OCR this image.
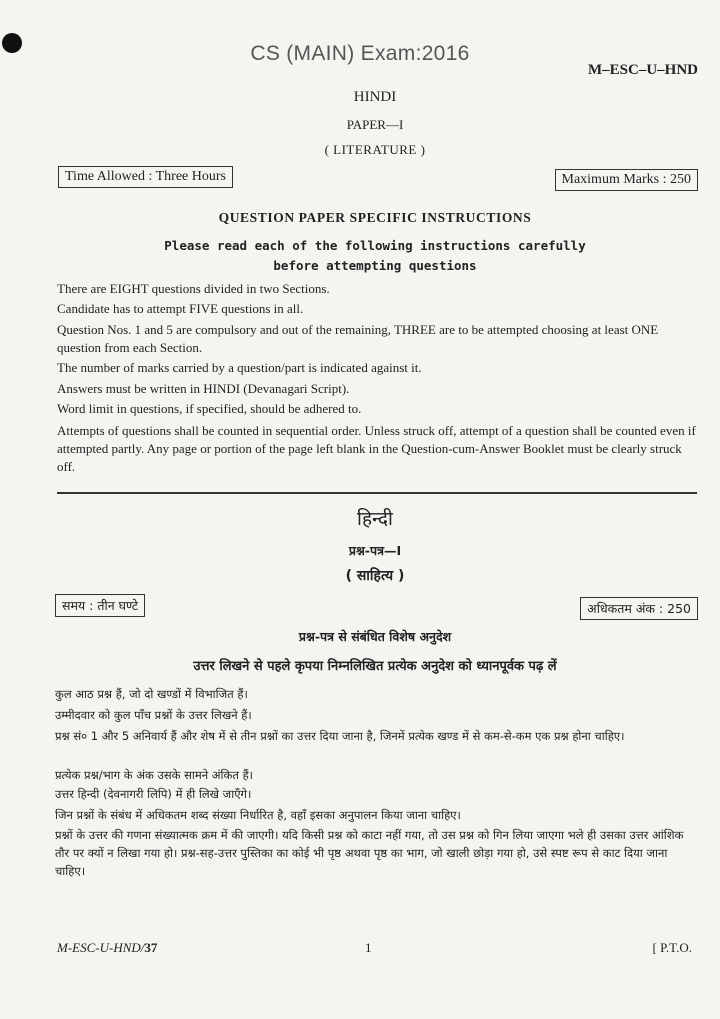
CS (MAIN) Exam:2016
M–ESC–U–HND
HINDI
PAPER—I
( LITERATURE )
Time Allowed : Three Hours	Maximum Marks : 250
QUESTION PAPER SPECIFIC INSTRUCTIONS
Please read each of the following instructions carefully
before attempting questions
There are EIGHT questions divided in two Sections.
Candidate has to attempt FIVE questions in all.
Question Nos. 1 and 5 are compulsory and out of the remaining, THREE are to be attempted choosing at least ONE question from each Section.
The number of marks carried by a question/part is indicated against it.
Answers must be written in HINDI (Devanagari Script).
Word limit in questions, if specified, should be adhered to.
Attempts of questions shall be counted in sequential order. Unless struck off, attempt of a question shall be counted even if attempted partly. Any page or portion of the page left blank in the Question-cum-Answer Booklet must be clearly struck off.
हिन्दी
प्रश्न-पत्र—I
( साहित्य )
समय : तीन घण्टे	अधिकतम अंक : 250
प्रश्न-पत्र से संबंधित विशेष अनुदेश
उत्तर लिखने से पहले कृपया निम्नलिखित प्रत्येक अनुदेश को ध्यानपूर्वक पढ़ लें
कुल आठ प्रश्न हैं, जो दो खण्डों में विभाजित हैं।
उम्मीदवार को कुल पाँच प्रश्नों के उत्तर लिखने हैं।
प्रश्न सं० 1 और 5 अनिवार्य हैं और शेष में से तीन प्रश्नों का उत्तर दिया जाना है, जिनमें प्रत्येक खण्ड में से कम-से-कम एक प्रश्न होना चाहिए।
प्रत्येक प्रश्न/भाग के अंक उसके सामने अंकित हैं।
उत्तर हिन्दी (देवनागरी लिपि) में ही लिखे जाएँगे।
जिन प्रश्नों के संबंध में अधिकतम शब्द संख्या निर्धारित है, वहाँ इसका अनुपालन किया जाना चाहिए।
प्रश्नों के उत्तर की गणना संख्यात्मक क्रम में की जाएगी। यदि किसी प्रश्न को काटा नहीं गया, तो उस प्रश्न को गिन लिया जाएगा भले ही उसका उत्तर आंशिक तौर पर क्यों न लिखा गया हो। प्रश्न-सह-उत्तर पुस्तिका का कोई भी पृष्ठ अथवा पृष्ठ का भाग, जो खाली छोड़ा गया हो, उसे स्पष्ट रूप से काट दिया जाना चाहिए।
M-ESC-U-HND/37	1	[ P.T.O.
